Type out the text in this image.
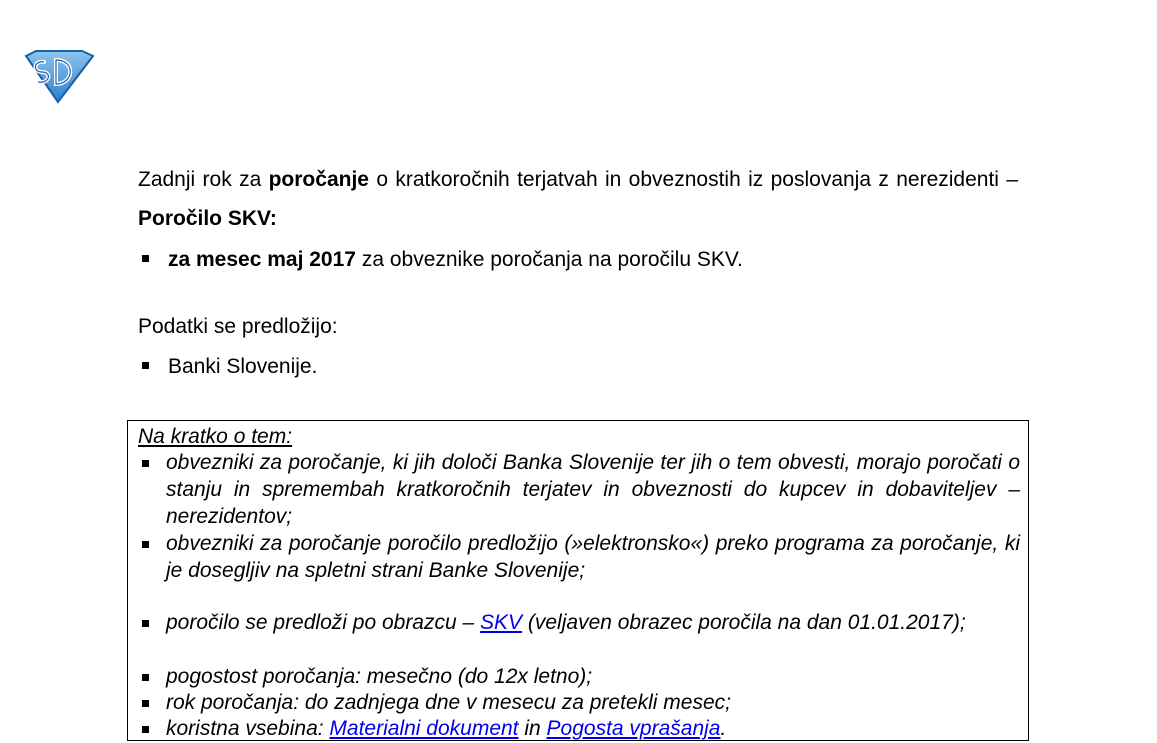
Zadnji rok za poročanje o kratkoročnih terjatvah in obveznostih iz poslovanja z nerezidenti – Poročilo SKV:
za mesec maj 2017 za obveznike poročanja na poročilu SKV.
Podatki se predložijo:
Banki Slovenije.
Na kratko o tem:
obvezniki za poročanje, ki jih določi Banka Slovenije ter jih o tem obvesti, morajo poročati o stanju in spremembah kratkoročnih terjatev in obveznosti do kupcev in dobaviteljev – nerezidentov;
obvezniki za poročanje poročilo predložijo (»elektronsko«) preko programa za poročanje, ki je dosegljiv na spletni strani Banke Slovenije;
poročilo se predloži po obrazcu – SKV (veljaven obrazec poročila na dan 01.01.2017);
pogostost poročanja: mesečno (do 12x letno);
rok poročanja: do zadnjega dne v mesecu za pretekli mesec;
koristna vsebina: Materialni dokument in Pogosta vprašanja.
